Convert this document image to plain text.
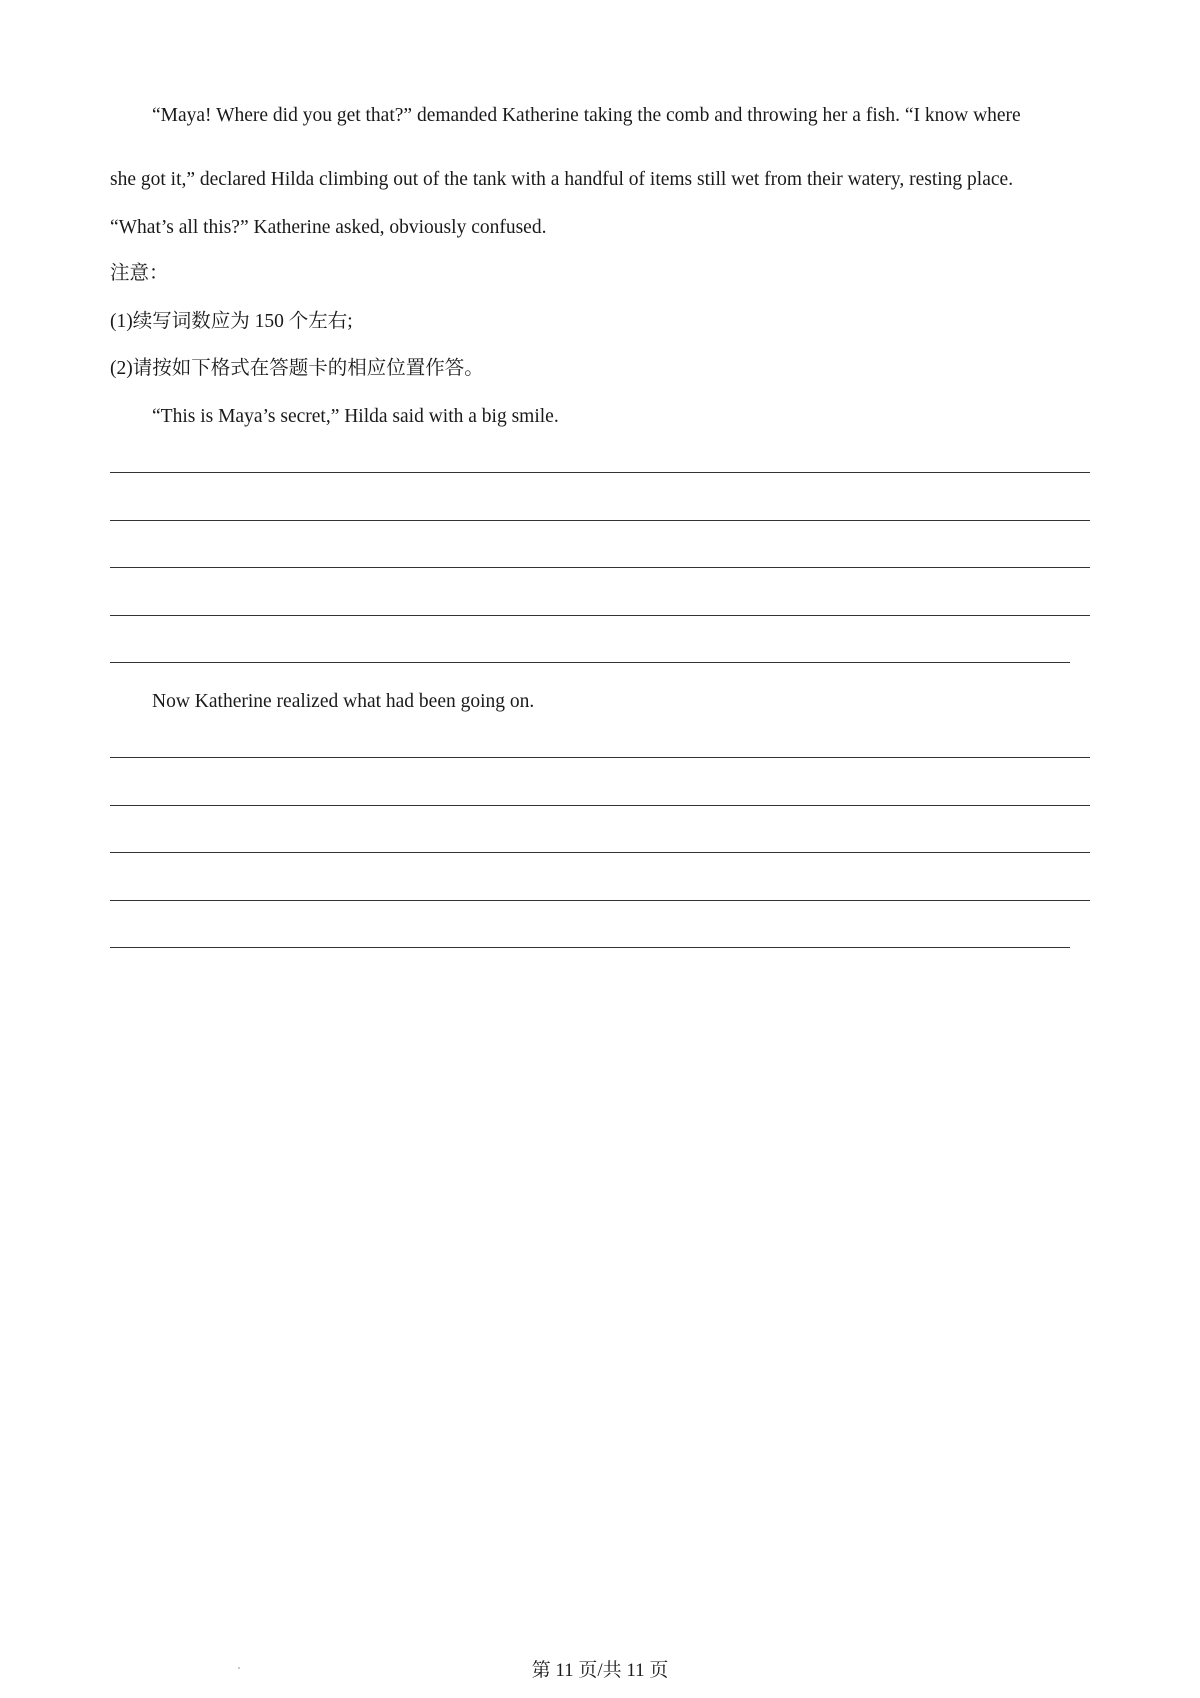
“Maya! Where did you get that?” demanded Katherine taking the comb and throwing her a fish. “I know where
she got it,” declared Hilda climbing out of the tank with a handful of items still wet from their watery, resting place.
“What’s all this?” Katherine asked, obviously confused.
注意：
(1)续写词数应为 150 个左右;
(2)请按如下格式在答题卡的相应位置作答。
“This is Maya’s secret,” Hilda said with a big smile.
Now Katherine realized what had been going on.
第 11 页/共 11 页
